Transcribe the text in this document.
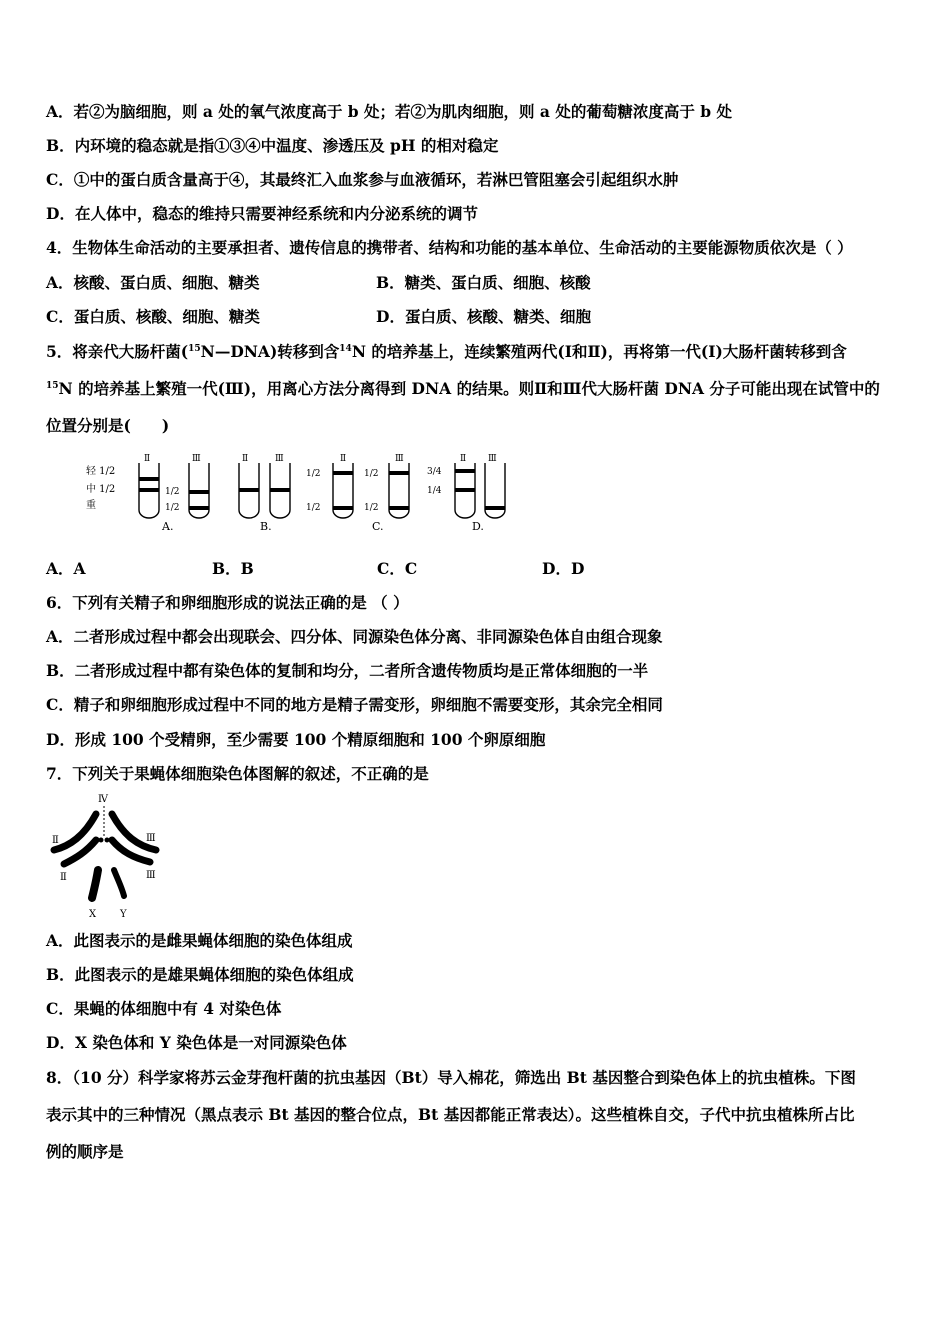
A．若②为脑细胞，则 a 处的氧气浓度高于 b 处；若②为肌肉细胞，则 a 处的葡萄糖浓度高于 b 处
B．内环境的稳态就是指①③④中温度、渗透压及 pH 的相对稳定
C．①中的蛋白质含量高于④，其最终汇入血浆参与血液循环，若淋巴管阻塞会引起组织水肿
D．在人体中，稳态的维持只需要神经系统和内分泌系统的调节
4．生物体生命活动的主要承担者、遗传信息的携带者、结构和功能的基本单位、生命活动的主要能源物质依次是（ ）
A．核酸、蛋白质、细胞、糖类	B．糖类、蛋白质、细胞、核酸
C．蛋白质、核酸、细胞、糖类	D．蛋白质、核酸、糖类、细胞
5．将亲代大肠杆菌($^{15}$N—DNA)转移到含$^{14}$N 的培养基上，连续繁殖两代(Ⅰ和Ⅱ)，再将第一代(Ⅰ)大肠杆菌转移到含
$^{15}$N 的培养基上繁殖一代(Ⅲ)，用离心方法分离得到 DNA 的结果。则Ⅱ和Ⅲ代大肠杆菌 DNA 分子可能出现在试管中的
位置分别是(　　)
轻 1/2
中 1/2
重
Ⅱ	Ⅲ
1/2
1/2
A.
Ⅱ	Ⅲ
B.
Ⅱ	Ⅲ
1/2
1/2
1/2
1/2
C.
3/4
1/4
Ⅱ Ⅲ
D.
A．A	B．B	C．C	D．D
6．下列有关精子和卵细胞形成的说法正确的是 （ ）
A．二者形成过程中都会出现联会、四分体、同源染色体分离、非同源染色体自由组合现象
B．二者形成过程中都有染色体的复制和均分，二者所含遗传物质均是正常体细胞的一半
C．精子和卵细胞形成过程中不同的地方是精子需变形，卵细胞不需要变形，其余完全相同
D．形成 100 个受精卵，至少需要 100 个精原细胞和 100 个卵原细胞
7．下列关于果蝇体细胞染色体图解的叙述，不正确的是
Ⅳ
Ⅱ	Ⅲ
Ⅱ	Ⅲ
X Y
A．此图表示的是雌果蝇体细胞的染色体组成
B．此图表示的是雄果蝇体细胞的染色体组成
C．果蝇的体细胞中有 4 对染色体
D．X 染色体和 Y 染色体是一对同源染色体
8．（10 分）科学家将苏云金芽孢杆菌的抗虫基因（Bt）导入棉花，筛选出 Bt 基因整合到染色体上的抗虫植株。下图
表示其中的三种情况（黑点表示 Bt 基因的整合位点，Bt 基因都能正常表达）。这些植株自交，子代中抗虫植株所占比
例的顺序是
